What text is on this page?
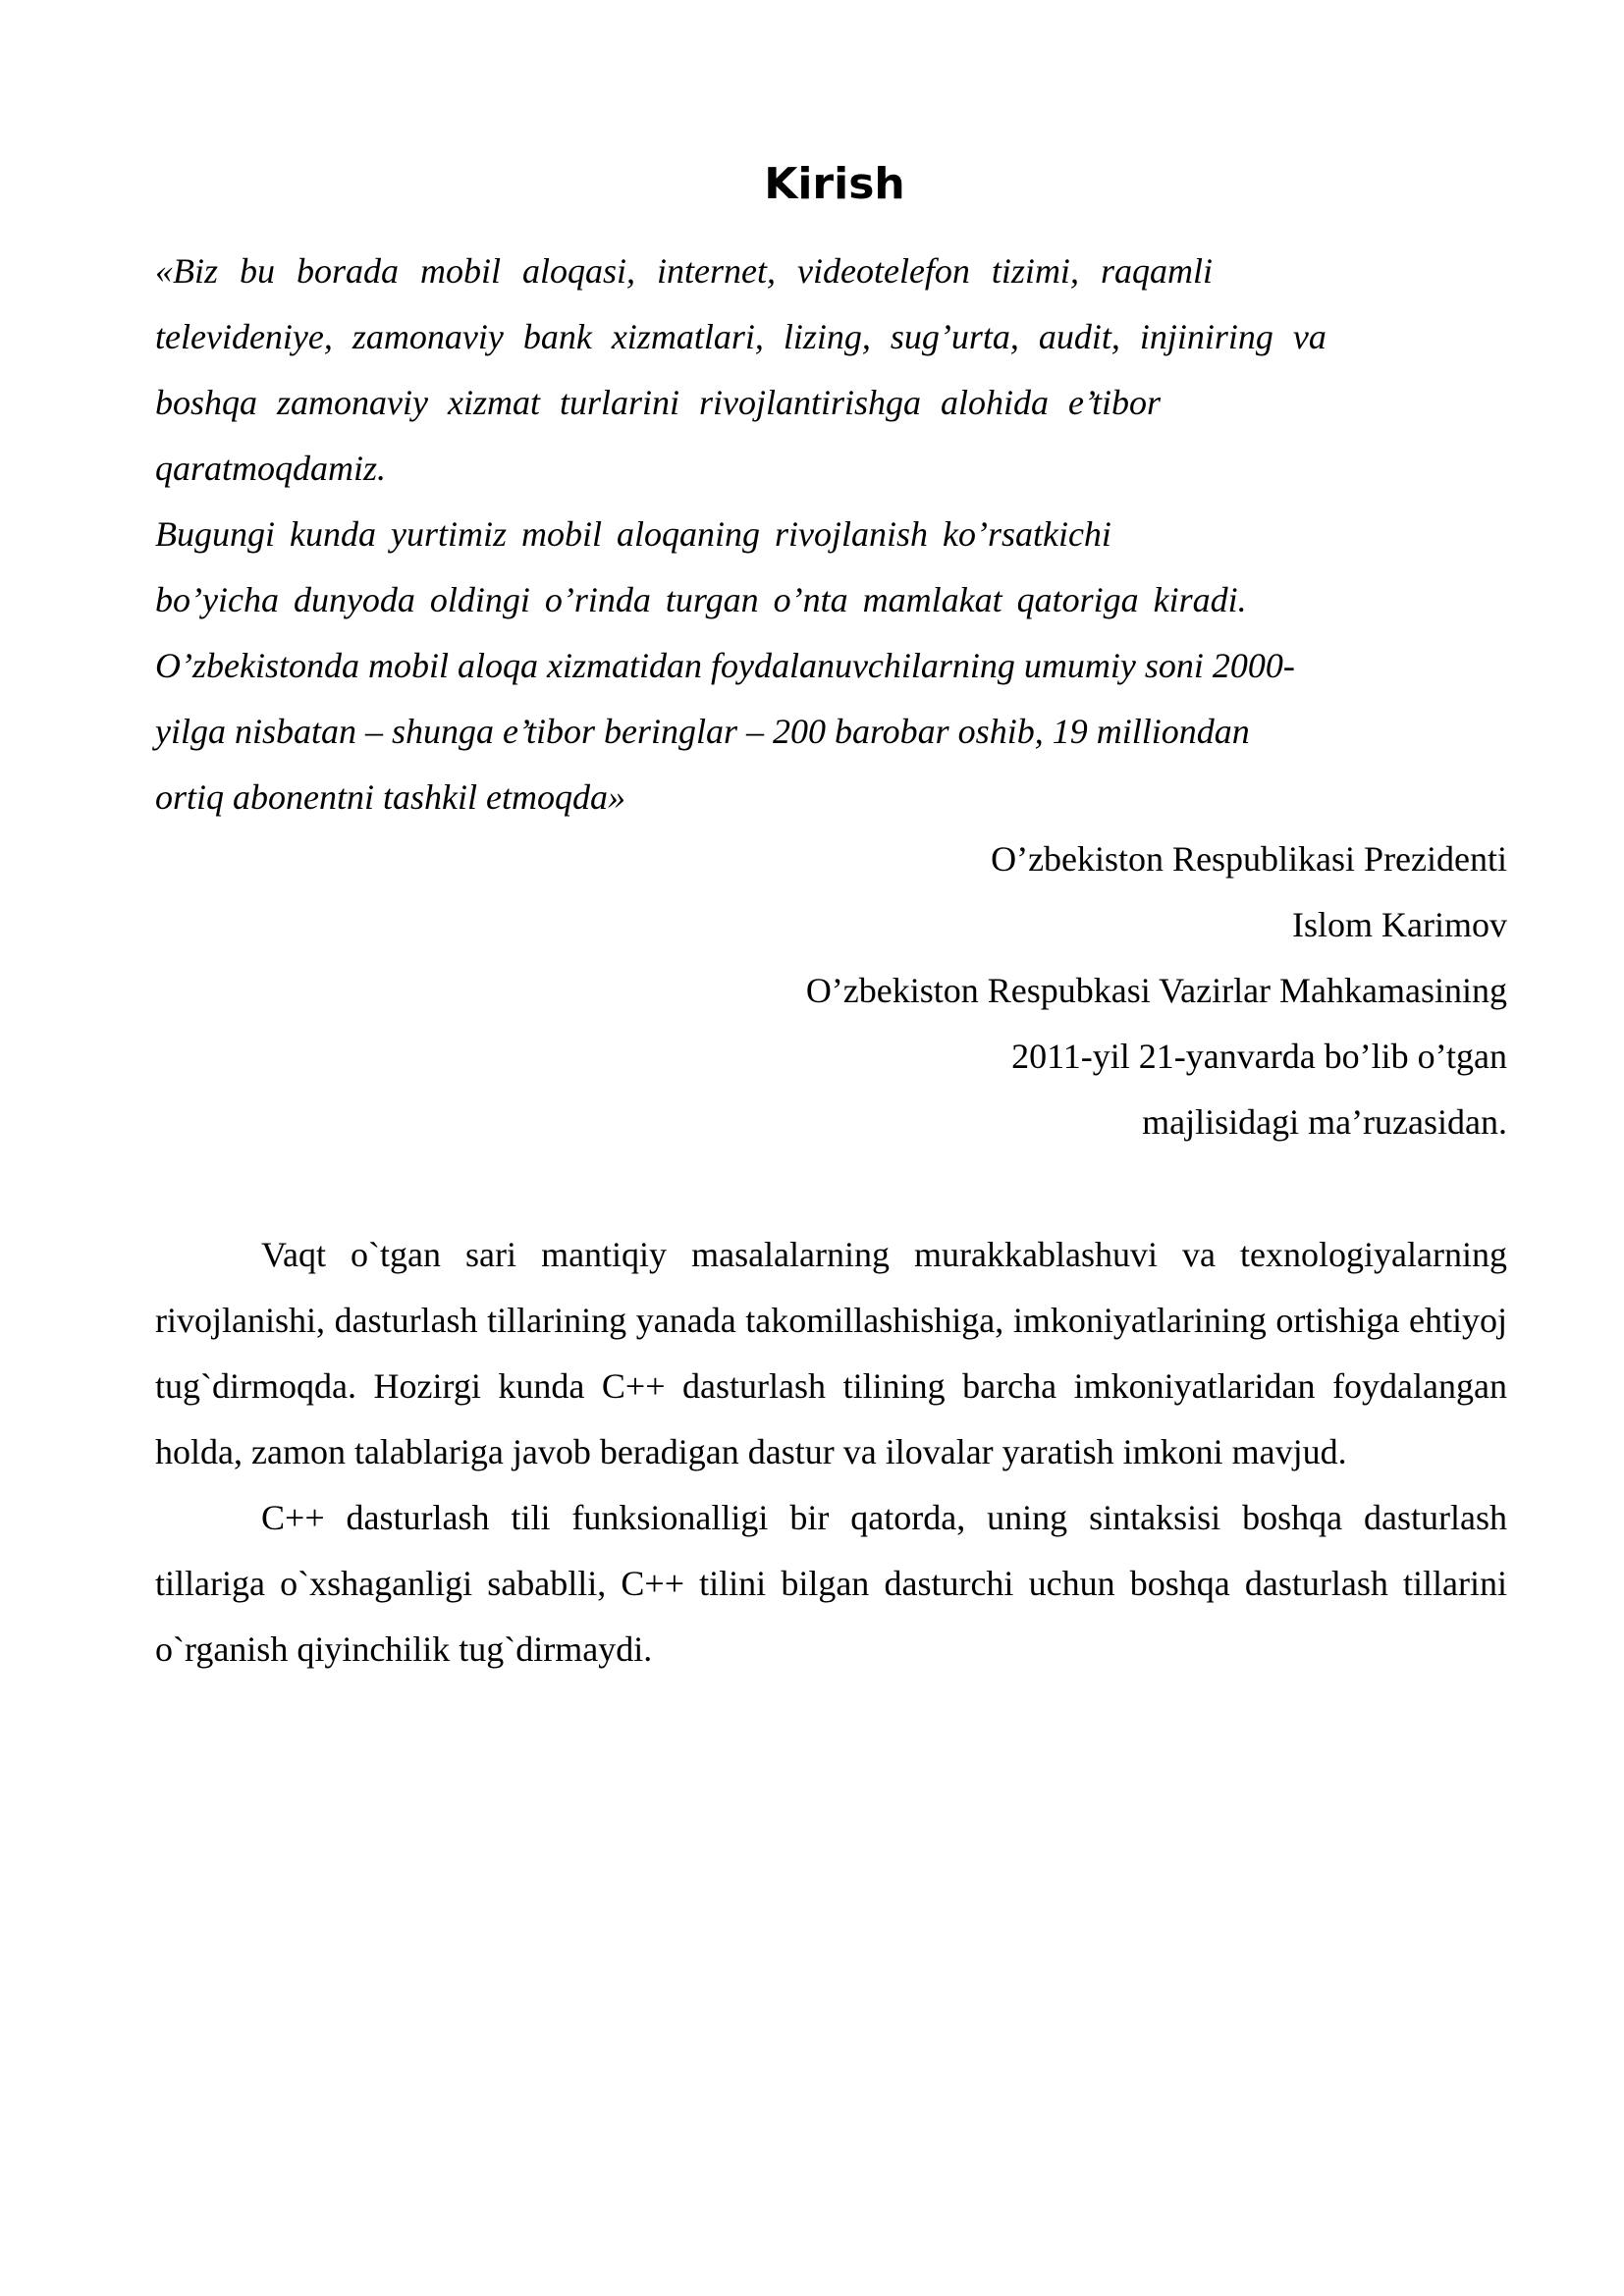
Kirish
«Biz bu borada mobil aloqasi, internet, videotelefon tizimi, raqamli
televideniye, zamonaviy bank xizmatlari, lizing, sug’urta, audit, injiniring va
boshqa zamonaviy xizmat turlarini rivojlantirishga alohida e’tibor
qaratmoqdamiz.
Bugungi kunda yurtimiz mobil aloqaning rivojlanish ko’rsatkichi
bo’yicha dunyoda oldingi o’rinda turgan o’nta mamlakat qatoriga kiradi.
O’zbekistonda mobil aloqa xizmatidan foydalanuvchilarning umumiy soni 2000-
yilga nisbatan – shunga e’tibor beringlar – 200 barobar oshib, 19 milliondan
ortiq abonentni tashkil etmoqda»
O’zbekiston Respublikasi Prezidenti
Islom Karimov
O’zbekiston Respubkasi Vazirlar Mahkamasining
2011-yil 21-yanvarda bo’lib o’tgan
majlisidagi ma’ruzasidan.

Vaqt o`tgan sari mantiqiy masalalarning murakkablashuvi va texnologiyalarning rivojlanishi, dasturlash tillarining yanada takomillashishiga, imkoniyatlarining ortishiga ehtiyoj tug`dirmoqda. Hozirgi kunda C++ dasturlash tilining barcha imkoniyatlaridan foydalangan holda, zamon talablariga javob beradigan dastur va ilovalar yaratish imkoni mavjud.

C++ dasturlash tili funksionalligi bir qatorda, uning sintaksisi boshqa dasturlash tillariga o`xshaganligi sabablli, C++ tilini bilgan dasturchi uchun boshqa dasturlash tillarini o`rganish qiyinchilik tug`dirmaydi.
